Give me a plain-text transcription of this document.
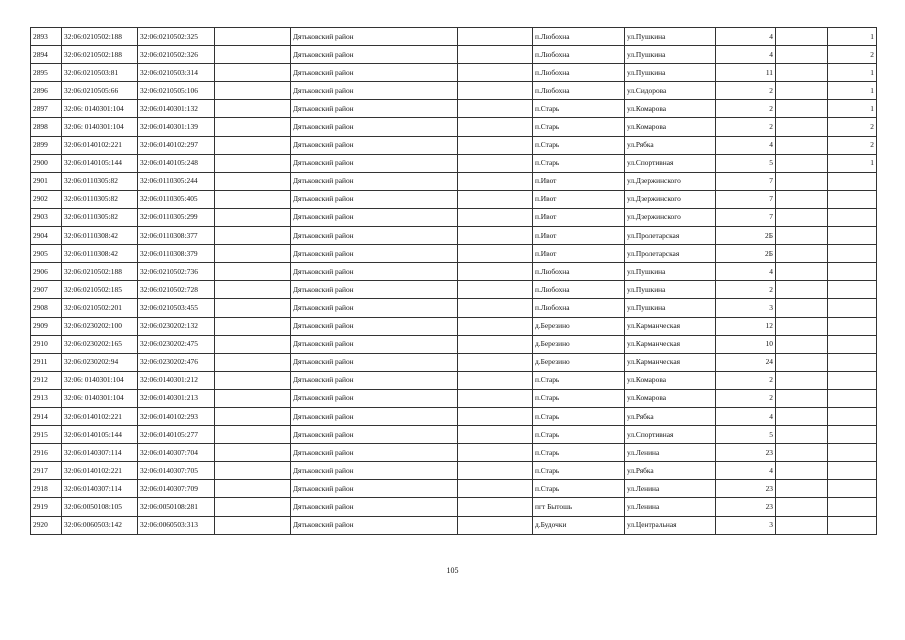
2893	32:06:0210502:188	32:06:0210502:325		Дятьковский район		п.Любохна	ул.Пушкина	4		1
2894	32:06:0210502:188	32:06:0210502:326		Дятьковский район		п.Любохна	ул.Пушкина	4		2
2895	32:06:0210503:81	32:06:0210503:314		Дятьковский район		п.Любохна	ул.Пушкина	11		1
2896	32:06:0210505:66	32:06:0210505:106		Дятьковский район		п.Любохна	ул.Сидорова	2		1
2897	32:06: 0140301:104	32:06:0140301:132		Дятьковский район		п.Старь	ул.Комарова	2		1
2898	32:06: 0140301:104	32:06:0140301:139		Дятьковский район		п.Старь	ул.Комарова	2		2
2899	32:06:0140102:221	32:06:0140102:297		Дятьковский район		п.Старь	ул.Рябка	4		2
2900	32:06:0140105:144	32:06:0140105:248		Дятьковский район		п.Старь	ул.Спортивная	5		1
2901	32:06:0110305:82	32:06:0110305:244		Дятьковский район		п.Ивот	ул.Дзержинского	7		
2902	32:06:0110305:82	32:06:0110305:405		Дятьковский район		п.Ивот	ул.Дзержинского	7		
2903	32:06:0110305:82	32:06:0110305:299		Дятьковский район		п.Ивот	ул.Дзержинского	7		
2904	32:06:0110308:42	32:06:0110308:377		Дятьковский район		п.Ивот	ул.Пролетарская	2Б		
2905	32:06:0110308:42	32:06:0110308:379		Дятьковский район		п.Ивот	ул.Пролетарская	2Б		
2906	32:06:0210502:188	32:06:0210502:736		Дятьковский район		п.Любохна	ул.Пушкина	4		
2907	32:06:0210502:185	32:06:0210502:728		Дятьковский район		п.Любохна	ул.Пушкина	2		
2908	32:06:0210502:201	32:06:0210503:455		Дятьковский район		п.Любохна	ул.Пушкина	3		
2909	32:06:0230202:100	32:06:0230202:132		Дятьковский район		д.Березино	ул.Карманческая	12		
2910	32:06:0230202:165	32:06:0230202:475		Дятьковский район		д.Березино	ул.Карманческая	10		
2911	32:06:0230202:94	32:06:0230202:476		Дятьковский район		д.Березино	ул.Карманческая	24		
2912	32:06: 0140301:104	32:06:0140301:212		Дятьковский район		п.Старь	ул.Комарова	2		
2913	32:06: 0140301:104	32:06:0140301:213		Дятьковский район		п.Старь	ул.Комарова	2		
2914	32:06:0140102:221	32:06:0140102:293		Дятьковский район		п.Старь	ул.Рябка	4		
2915	32:06:0140105:144	32:06:0140105:277		Дятьковский район		п.Старь	ул.Спортивная	5		
2916	32:06:0140307:114	32:06:0140307:704		Дятьковский район		п.Старь	ул.Ленина	23		
2917	32:06:0140102:221	32:06:0140307:705		Дятьковский район		п.Старь	ул.Рябка	4		
2918	32:06:0140307:114	32:06:0140307:709		Дятьковский район		п.Старь	ул.Ленина	23		
2919	32:06:0050108:105	32:06:0050108:281		Дятьковский район		пгт Бытошь	ул.Ленина	23		
2920	32:06:0060503:142	32:06:0060503:313		Дятьковский район		д.Будочки	ул.Центральная	3		
105
